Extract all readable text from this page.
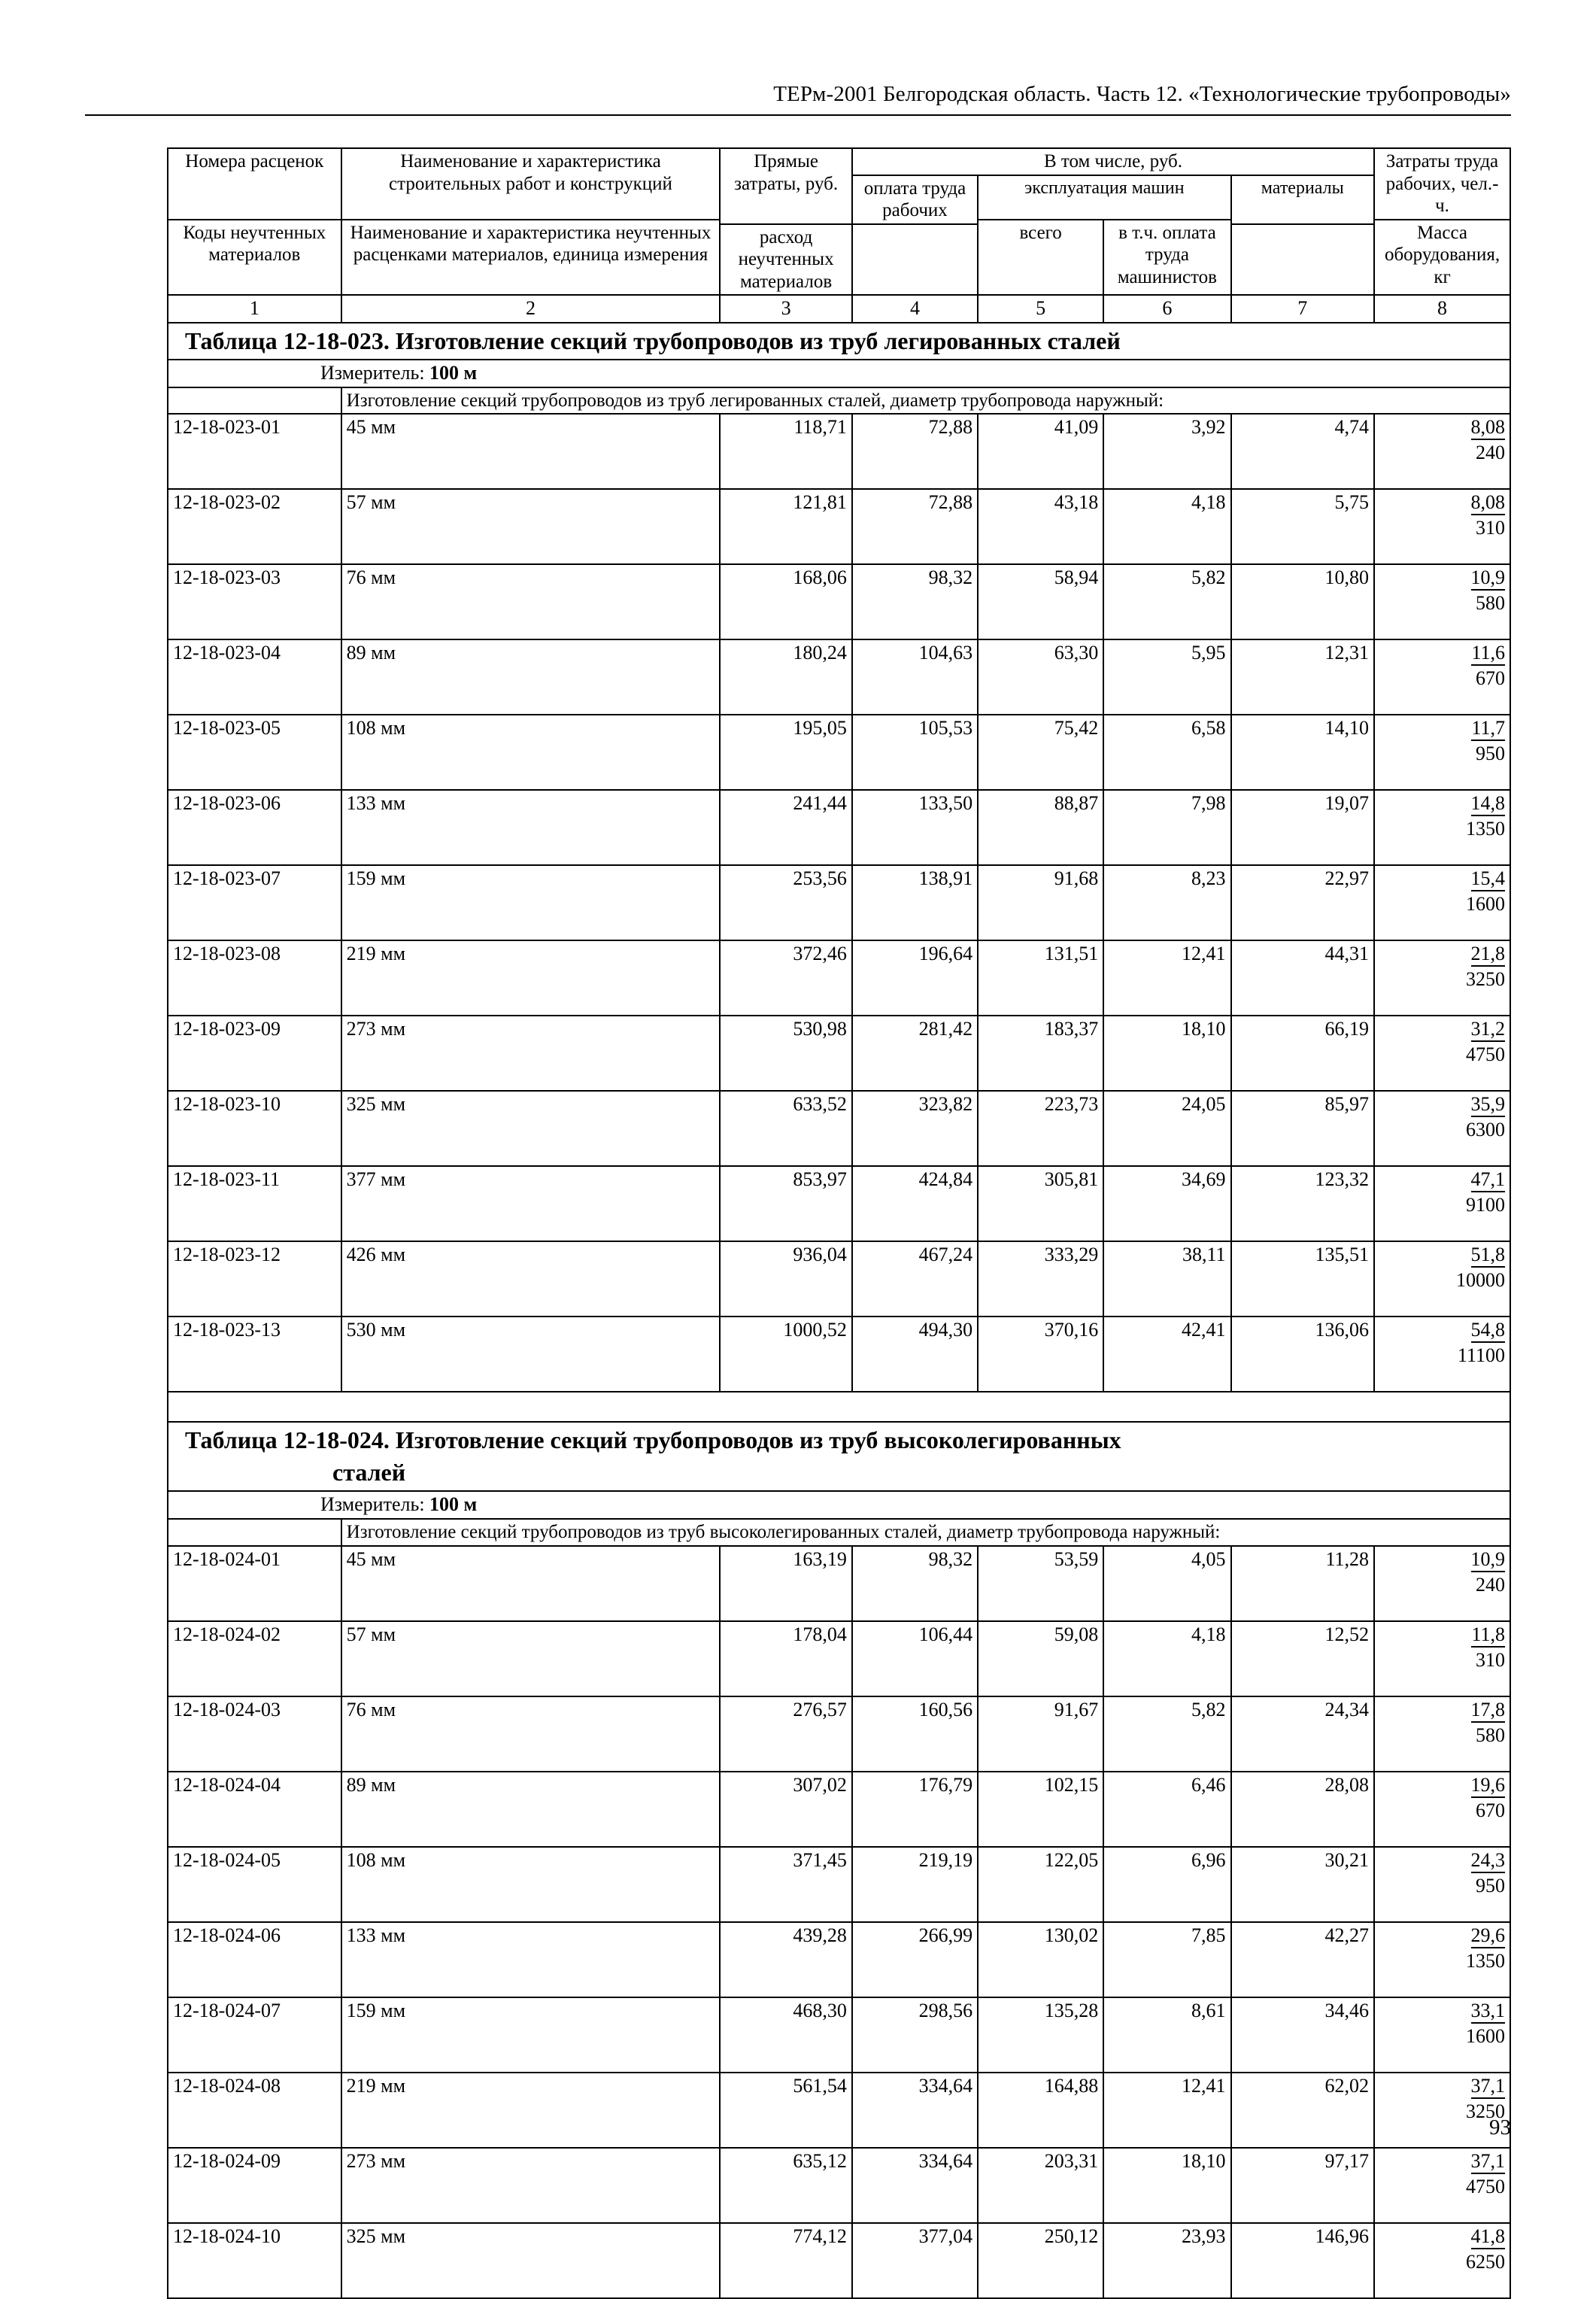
ТЕРм-2001 Белгородская область. Часть 12. «Технологические трубопроводы»
Номера расценок	Наименование и характеристика строительных работ и конструкций	Прямые затраты, руб.	В том числе, руб.				Затраты труда рабочих, чел.-ч.
			оплата труда рабочих	эксплуатация машин		материалы	
Коды неучтенных материалов	Наименование и характеристика неучтенных расценками материалов, единица измерения			всего	в т.ч. оплата труда машинистов		Масса оборудования, кг
		расход неучтенных материалов					
1	2	3	4	5	6	7	8

Таблица 12-18-023. Изготовление секций трубопроводов из труб легированных сталей							

Измеритель: 100 м							

	Изготовление секций трубопроводов из труб легированных сталей, диаметр трубопровода наружный:						
12-18-023-01	45 мм	118,71	72,88	41,09	3,92	4,74	8,08
240

12-18-023-02	57 мм	121,81	72,88	43,18	4,18	5,75	8,08
310

12-18-023-03	76 мм	168,06	98,32	58,94	5,82	10,80	10,9
580

12-18-023-04	89 мм	180,24	104,63	63,30	5,95	12,31	11,6
670

12-18-023-05	108 мм	195,05	105,53	75,42	6,58	14,10	11,7
950

12-18-023-06	133 мм	241,44	133,50	88,87	7,98	19,07	14,8
1350

12-18-023-07	159 мм	253,56	138,91	91,68	8,23	22,97	15,4
1600

12-18-023-08	219 мм	372,46	196,64	131,51	12,41	44,31	21,8
3250

12-18-023-09	273 мм	530,98	281,42	183,37	18,10	66,19	31,2
4750

12-18-023-10	325 мм	633,52	323,82	223,73	24,05	85,97	35,9
6300

12-18-023-11	377 мм	853,97	424,84	305,81	34,69	123,32	47,1
9100

12-18-023-12	426 мм	936,04	467,24	333,29	38,11	135,51	51,8
10000

12-18-023-13	530 мм	1000,52	494,30	370,16	42,41	136,06	54,8
11100

Таблица 12-18-024. Изготовление секций трубопроводов из труб высоколегированных
сталей							

Измеритель: 100 м							

	Изготовление секций трубопроводов из труб высоколегированных сталей, диаметр трубопровода наружный:						
12-18-024-01	45 мм	163,19	98,32	53,59	4,05	11,28	10,9
240

12-18-024-02	57 мм	178,04	106,44	59,08	4,18	12,52	11,8
310

12-18-024-03	76 мм	276,57	160,56	91,67	5,82	24,34	17,8
580

12-18-024-04	89 мм	307,02	176,79	102,15	6,46	28,08	19,6
670

12-18-024-05	108 мм	371,45	219,19	122,05	6,96	30,21	24,3
950

12-18-024-06	133 мм	439,28	266,99	130,02	7,85	42,27	29,6
1350

12-18-024-07	159 мм	468,30	298,56	135,28	8,61	34,46	33,1
1600

12-18-024-08	219 мм	561,54	334,64	164,88	12,41	62,02	37,1
3250

12-18-024-09	273 мм	635,12	334,64	203,31	18,10	97,17	37,1
4750

12-18-024-10	325 мм	774,12	377,04	250,12	23,93	146,96	41,8
6250
93
